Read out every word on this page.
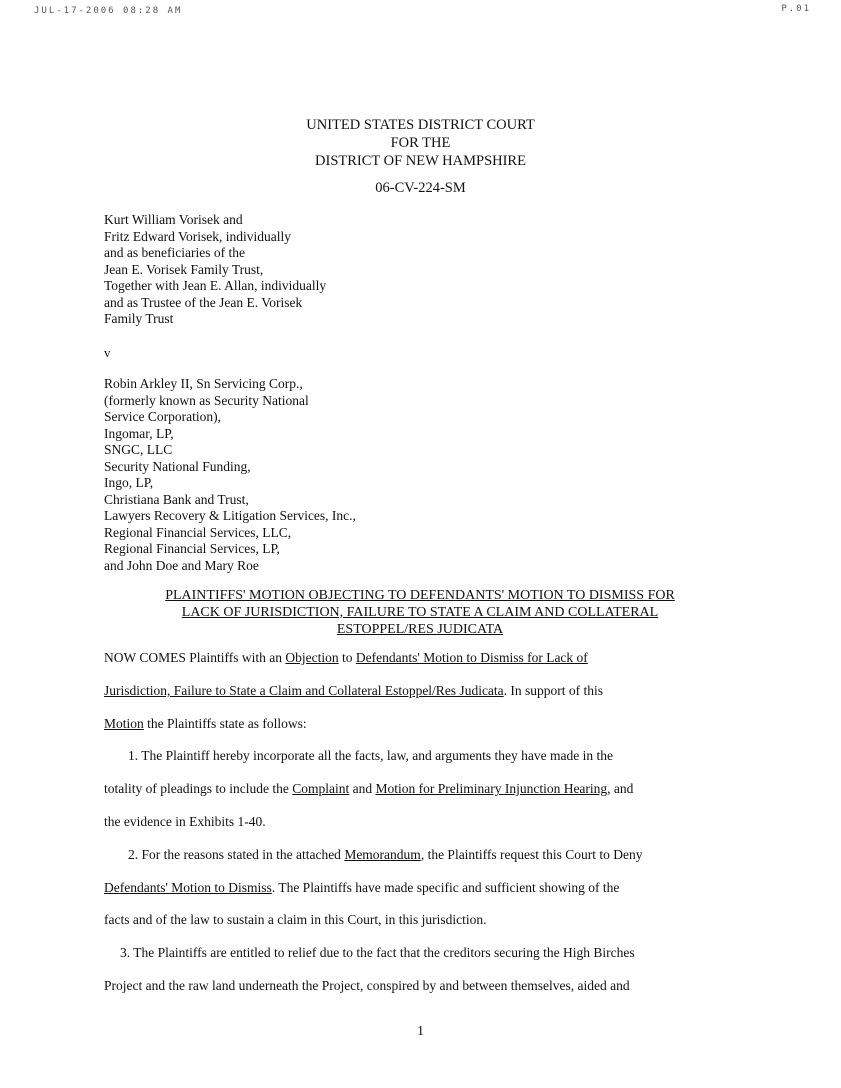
JUL-17-2006 08:28 AM	P.01
UNITED STATES DISTRICT COURT
FOR THE
DISTRICT OF NEW HAMPSHIRE
06-CV-224-SM
Kurt William Vorisek and
Fritz Edward Vorisek, individually
and as beneficiaries of the
Jean E. Vorisek Family Trust,
Together with Jean E. Allan, individually
and as Trustee of the Jean E. Vorisek
Family Trust
v
Robin Arkley II, Sn Servicing Corp.,
(formerly known as Security National
Service Corporation),
Ingomar, LP,
SNGC, LLC
Security National Funding,
Ingo, LP,
Christiana Bank and Trust,
Lawyers Recovery & Litigation Services, Inc.,
Regional Financial Services, LLC,
Regional Financial Services, LP,
and John Doe and Mary Roe
PLAINTIFFS' MOTION OBJECTING TO DEFENDANTS' MOTION TO DISMISS FOR
LACK OF JURISDICTION, FAILURE TO STATE A CLAIM AND COLLATERAL
ESTOPPEL/RES JUDICATA
NOW COMES Plaintiffs with an Objection to Defendants' Motion to Dismiss for Lack of
Jurisdiction, Failure to State a Claim and Collateral Estoppel/Res Judicata. In support of this
Motion the Plaintiffs state as follows:
1. The Plaintiff hereby incorporate all the facts, law, and arguments they have made in the
totality of pleadings to include the Complaint and Motion for Preliminary Injunction Hearing, and
the evidence in Exhibits 1-40.
2. For the reasons stated in the attached Memorandum, the Plaintiffs request this Court to Deny
Defendants' Motion to Dismiss. The Plaintiffs have made specific and sufficient showing of the
facts and of the law to sustain a claim in this Court, in this jurisdiction.
3. The Plaintiffs are entitled to relief due to the fact that the creditors securing the High Birches
Project and the raw land underneath the Project, conspired by and between themselves, aided and
1
